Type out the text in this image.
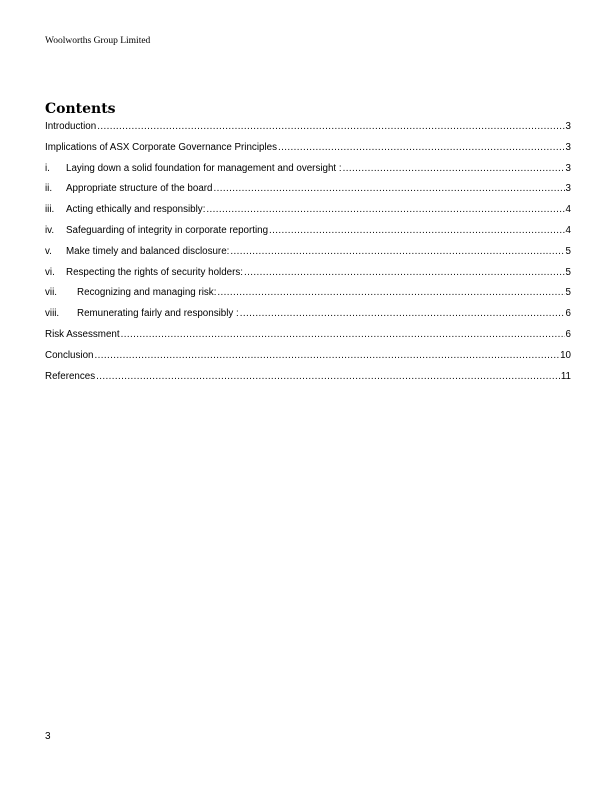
Woolworths Group Limited
Contents
Introduction .....	3
Implications of ASX Corporate Governance Principles .....	3
i.	Laying down a solid foundation for management and oversight : .....	3
ii.	Appropriate structure of the board .....	3
iii.	Acting ethically and responsibly: .....	4
iv.	Safeguarding of integrity in corporate reporting .....	4
v.	Make timely and balanced disclosure: .....	5
vi.	Respecting the rights of security holders: .....	5
vii.	Recognizing and managing risk: .....	5
viii.	Remunerating fairly and responsibly : .....	6
Risk Assessment .....	6
Conclusion .....	10
References .....	11
3
